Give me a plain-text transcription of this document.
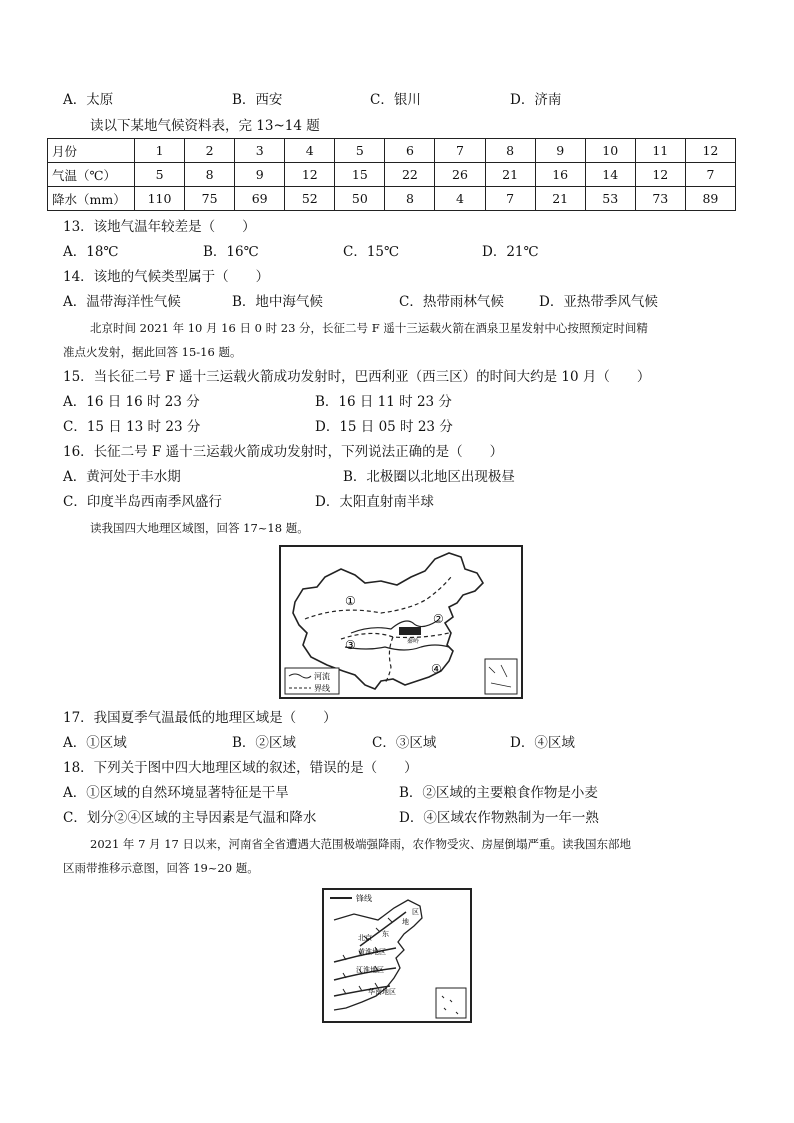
A．太原	B．西安	C．银川	D．济南
读以下某地气候资料表，完 13~14 题
月份	1	2	3	4	5	6	7	8	9	10	11	12
气温（℃）	5	8	9	12	15	22	26	21	16	14	12	7
降水（mm）	110	75	69	52	50	8	4	7	21	53	73	89
13．该地气温年较差是（　　）
A．18℃	B．16℃	C．15℃	D．21℃
14．该地的气候类型属于（　　）
A．温带海洋性气候	B．地中海气候	C．热带雨林气候	D．亚热带季风气候
北京时间 2021 年 10 月 16 日 0 时 23 分，长征二号 F 遥十三运载火箭在酒泉卫星发射中心按照预定时间精
准点火发射，据此回答 15-16 题。
15．当长征二号 F 遥十三运载火箭成功发射时，巴西利亚（西三区）的时间大约是 10 月（　　）
A．16 日 16 时 23 分	B．16 日 11 时 23 分
C．15 日 13 时 23 分	D．15 日 05 时 23 分
16．长征二号 F 遥十三运载火箭成功发射时，下列说法正确的是（　　）
A．黄河处于丰水期	B．北极圈以北地区出现极昼
C．印度半岛西南季风盛行	D．太阳直射南半球
读我国四大地理区域图，回答 17~18 题。
①
②
③
④
秦岭
河流
界线
17．我国夏季气温最低的地理区域是（　　）
A．①区域	B．②区域	C．③区域	D．④区域
18．下列关于图中四大地理区域的叙述，错误的是（　　）
A．①区域的自然环境显著特征是干旱	B．②区域的主要粮食作物是小麦
C．划分②④区域的主导因素是气温和降水	D．④区域农作物熟制为一年一熟
2021 年 7 月 17 日以来，河南省全省遭遇大范围极端强降雨，农作物受灾、房屋倒塌严重。读我国东部地
区雨带推移示意图，回答 19~20 题。
锋线
东
地
区
北京
黄淮地区
江淮地区
华南地区
